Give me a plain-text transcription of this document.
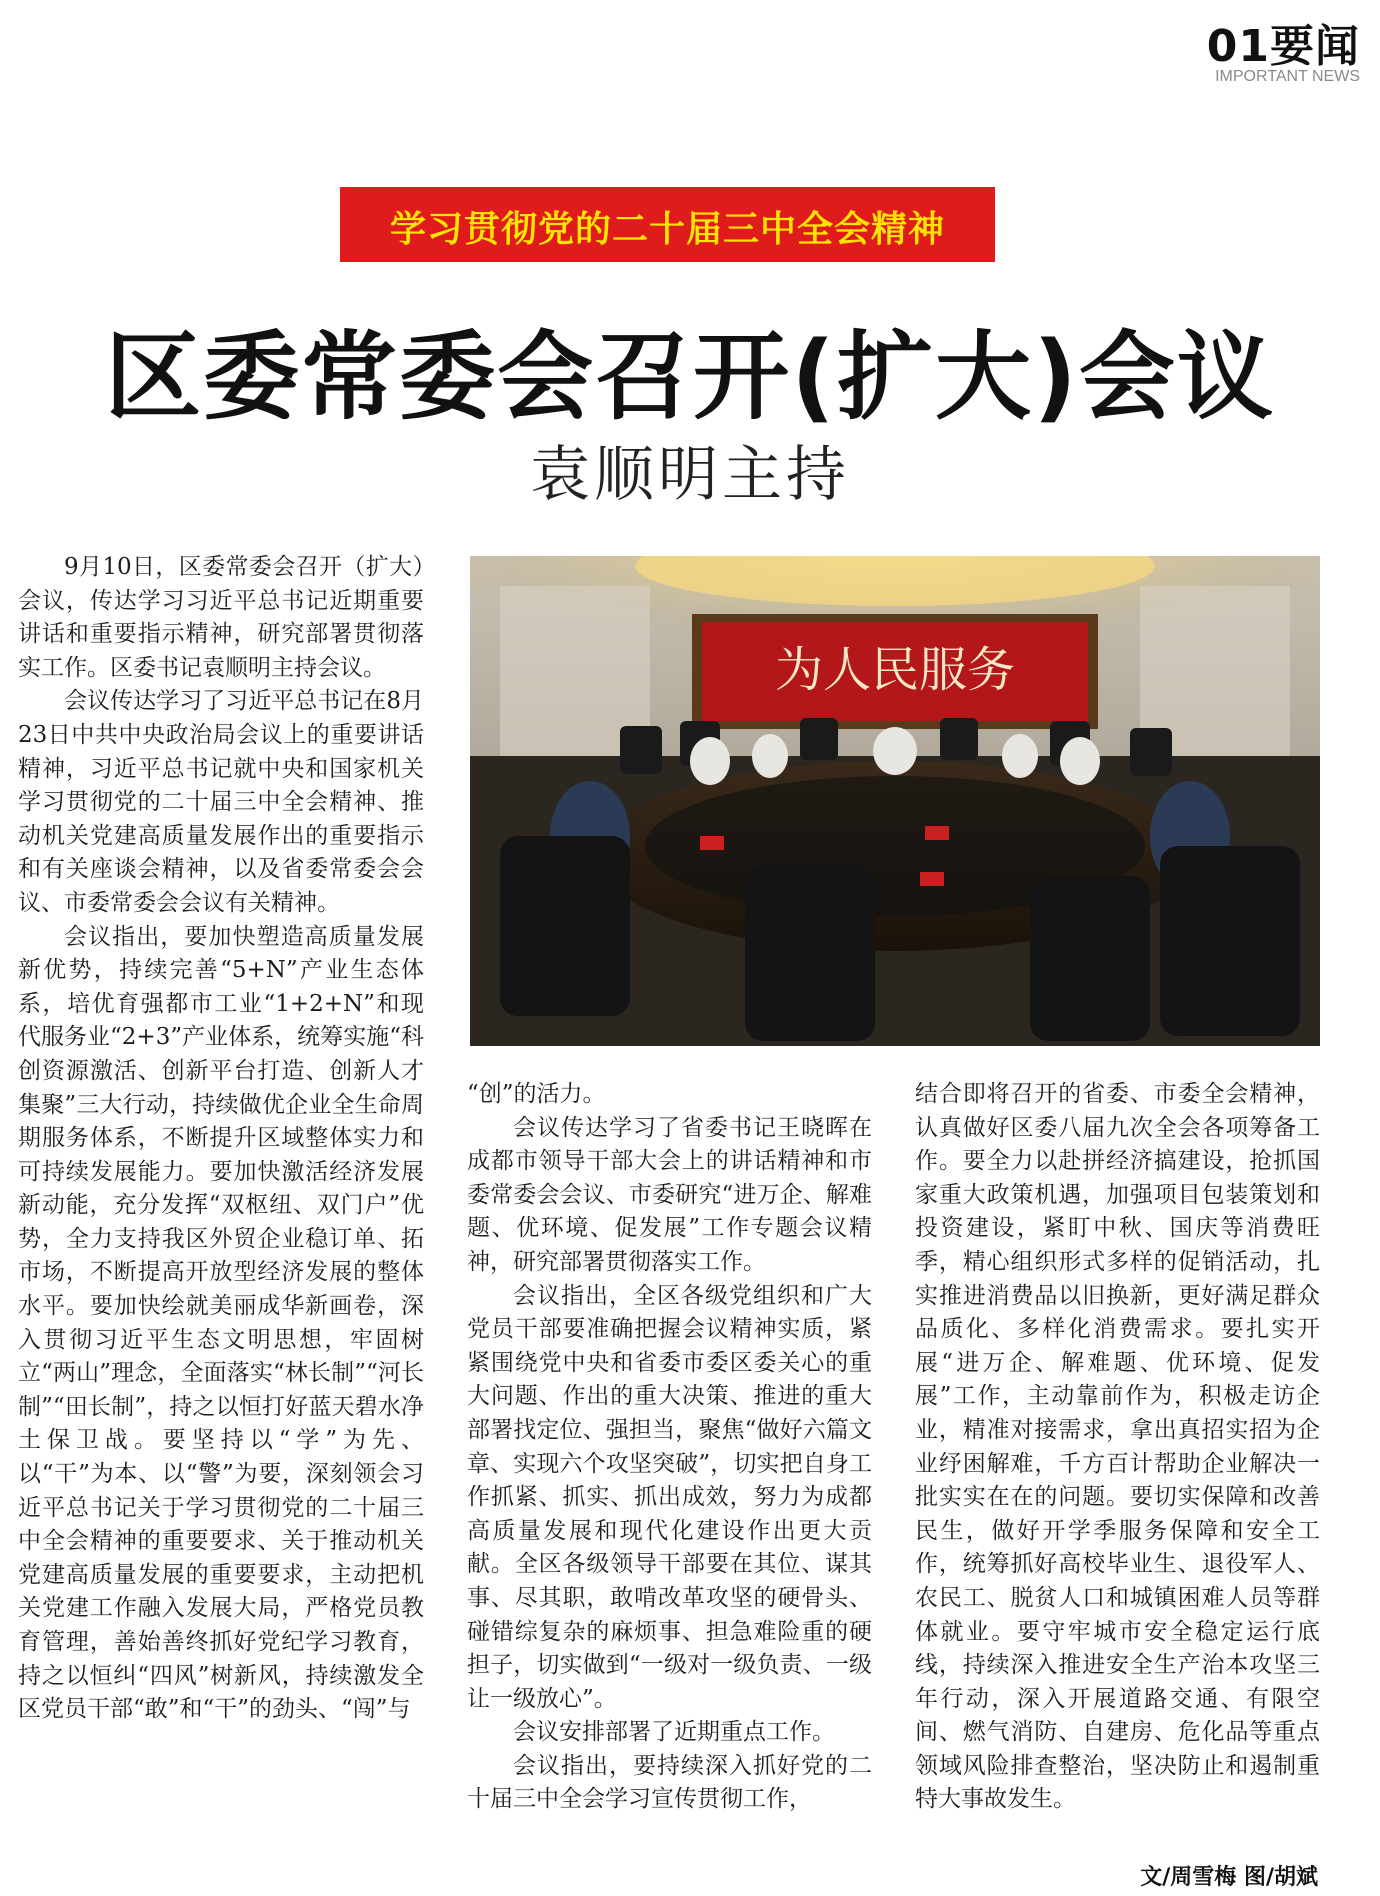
01要闻
IMPORTANT NEWS
学习贯彻党的二十届三中全会精神
区委常委会召开(扩大)会议
袁顺明主持

9月10日，区委常委会召开（扩大）会议，传达学习习近平总书记近期重要讲话和重要指示精神，研究部署贯彻落实工作。区委书记袁顺明主持会议。

会议传达学习了习近平总书记在8月23日中共中央政治局会议上的重要讲话精神，习近平总书记就中央和国家机关学习贯彻党的二十届三中全会精神、推动机关党建高质量发展作出的重要指示和有关座谈会精神，以及省委常委会会议、市委常委会会议有关精神。

会议指出，要加快塑造高质量发展新优势，持续完善“5+N”产业生态体系，培优育强都市工业“1+2+N”和现代服务业“2+3”产业体系，统筹实施“科创资源激活、创新平台打造、创新人才集聚”三大行动，持续做优企业全生命周期服务体系，不断提升区域整体实力和可持续发展能力。要加快激活经济发展新动能，充分发挥“双枢纽、双门户”优势，全力支持我区外贸企业稳订单、拓市场，不断提高开放型经济发展的整体水平。要加快绘就美丽成华新画卷，深入贯彻习近平生态文明思想，牢固树立“两山”理念，全面落实“林长制”“河长制”“田长制”，持之以恒打好蓝天碧水净土保卫战。要坚持以“学”为先、以“干”为本、以“警”为要，深刻领会习近平总书记关于学习贯彻党的二十届三中全会精神的重要要求、关于推动机关党建高质量发展的重要要求，主动把机关党建工作融入发展大局，严格党员教育管理，善始善终抓好党纪学习教育，持之以恒纠“四风”树新风，持续激发全区党员干部“敢”和“干”的劲头、“闯”与

为人民服务

“创”的活力。

会议传达学习了省委书记王晓晖在成都市领导干部大会上的讲话精神和市委常委会会议、市委研究“进万企、解难题、优环境、促发展”工作专题会议精神，研究部署贯彻落实工作。

会议指出，全区各级党组织和广大党员干部要准确把握会议精神实质，紧紧围绕党中央和省委市委区委关心的重大问题、作出的重大决策、推进的重大部署找定位、强担当，聚焦“做好六篇文章、实现六个攻坚突破”，切实把自身工作抓紧、抓实、抓出成效，努力为成都高质量发展和现代化建设作出更大贡献。全区各级领导干部要在其位、谋其事、尽其职，敢啃改革攻坚的硬骨头、碰错综复杂的麻烦事、担急难险重的硬担子，切实做到“一级对一级负责、一级让一级放心”。

会议安排部署了近期重点工作。

会议指出，要持续深入抓好党的二十届三中全会学习宣传贯彻工作，

结合即将召开的省委、市委全会精神，认真做好区委八届九次全会各项筹备工作。要全力以赴拼经济搞建设，抢抓国家重大政策机遇，加强项目包装策划和投资建设，紧盯中秋、国庆等消费旺季，精心组织形式多样的促销活动，扎实推进消费品以旧换新，更好满足群众品质化、多样化消费需求。要扎实开展“进万企、解难题、优环境、促发展”工作，主动靠前作为，积极走访企业，精准对接需求，拿出真招实招为企业纾困解难，千方百计帮助企业解决一批实实在在的问题。要切实保障和改善民生，做好开学季服务保障和安全工作，统筹抓好高校毕业生、退役军人、农民工、脱贫人口和城镇困难人员等群体就业。要守牢城市安全稳定运行底线，持续深入推进安全生产治本攻坚三年行动，深入开展道路交通、有限空间、燃气消防、自建房、危化品等重点领域风险排查整治，坚决防止和遏制重特大事故发生。

文/周雪梅 图/胡斌
